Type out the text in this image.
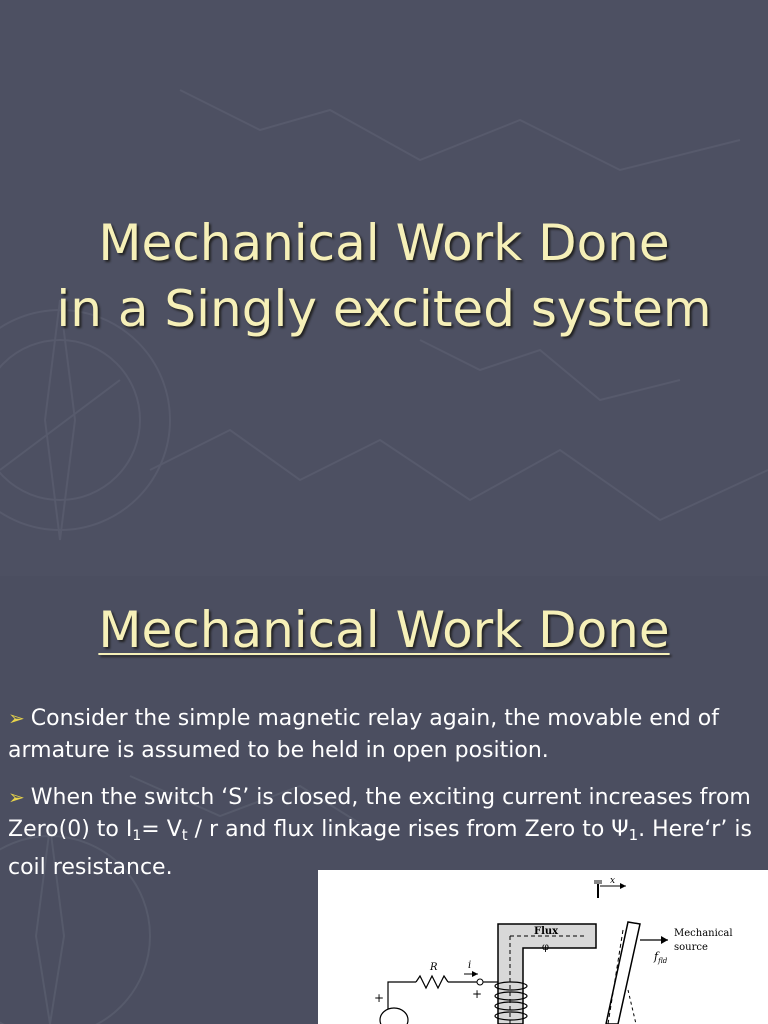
Mechanical Work Done
in a Singly excited system
Mechanical Work Done
➢ Consider the simple magnetic relay again, the movable end of armature is assumed to be held in open position.
➢ When the switch ‘S’ is closed, the exciting current increases from Zero(0) to $I_1= V_t / r$ and flux linkage rises from Zero to $\Psi_1$. Here‘r’ is coil resistance.
x
Flux
φ
$f_{fld}$
Mechanical
source
R	i
+	+
